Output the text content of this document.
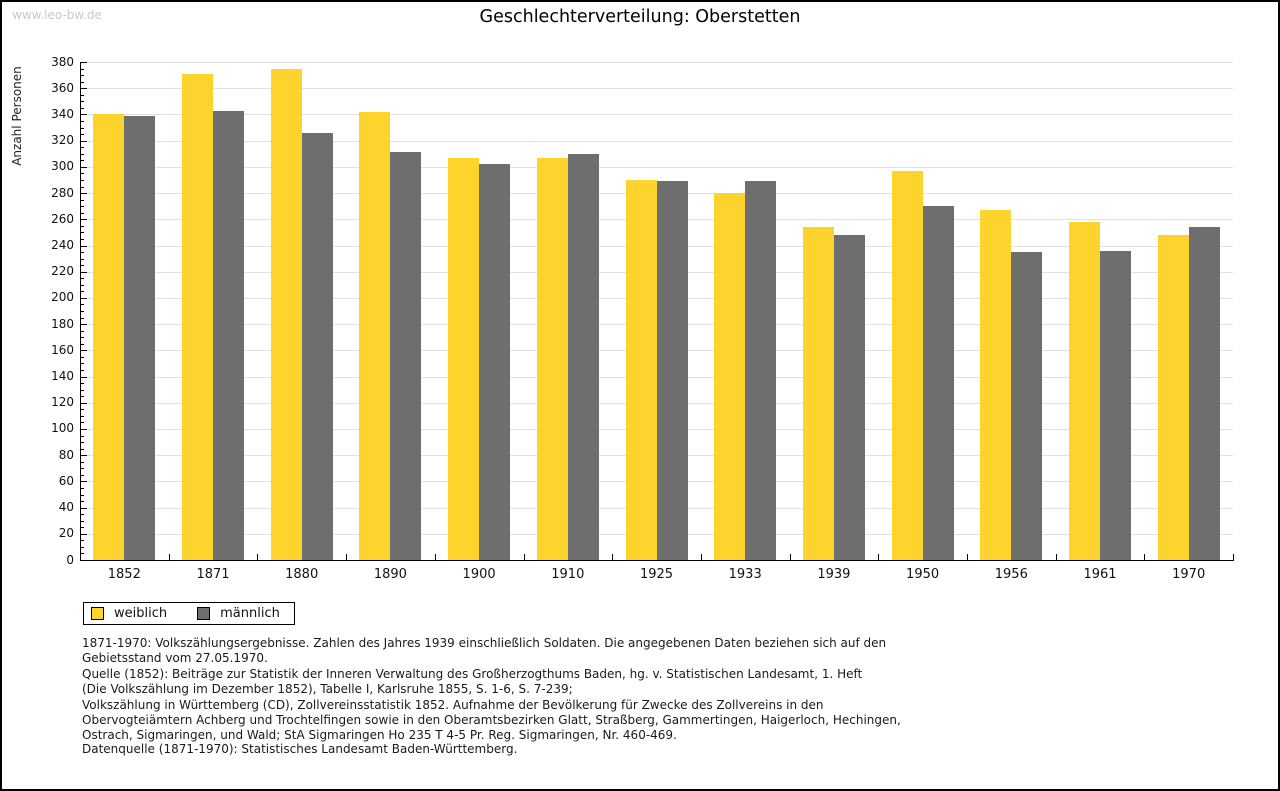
www.leo-bw.de	Geschlechterverteilung: Oberstetten
Anzahl Personen
0
20
40
60
80
100
120
140
160
180
200
220
240
260
280
300
320
340
360
380
1852	1871	1880	1890	1900	1910	1925	1933	1939	1950	1956	1961	1970
weiblich	männlich
1871-1970: Volkszählungsergebnisse. Zahlen des Jahres 1939 einschließlich Soldaten. Die angegebenen Daten beziehen sich auf den
Gebietsstand vom 27.05.1970.
Quelle (1852): Beiträge zur Statistik der Inneren Verwaltung des Großherzogthums Baden, hg. v. Statistischen Landesamt, 1. Heft
(Die Volkszählung im Dezember 1852), Tabelle I, Karlsruhe 1855, S. 1-6, S. 7-239;
Volkszählung in Württemberg (CD), Zollvereinsstatistik 1852. Aufnahme der Bevölkerung für Zwecke des Zollvereins in den
Obervogteiämtern Achberg und Trochtelfingen sowie in den Oberamtsbezirken Glatt, Straßberg, Gammertingen, Haigerloch, Hechingen,
Ostrach, Sigmaringen, und Wald; StA Sigmaringen Ho 235 T 4-5 Pr. Reg. Sigmaringen, Nr. 460-469.
Datenquelle (1871-1970): Statistisches Landesamt Baden-Württemberg.
